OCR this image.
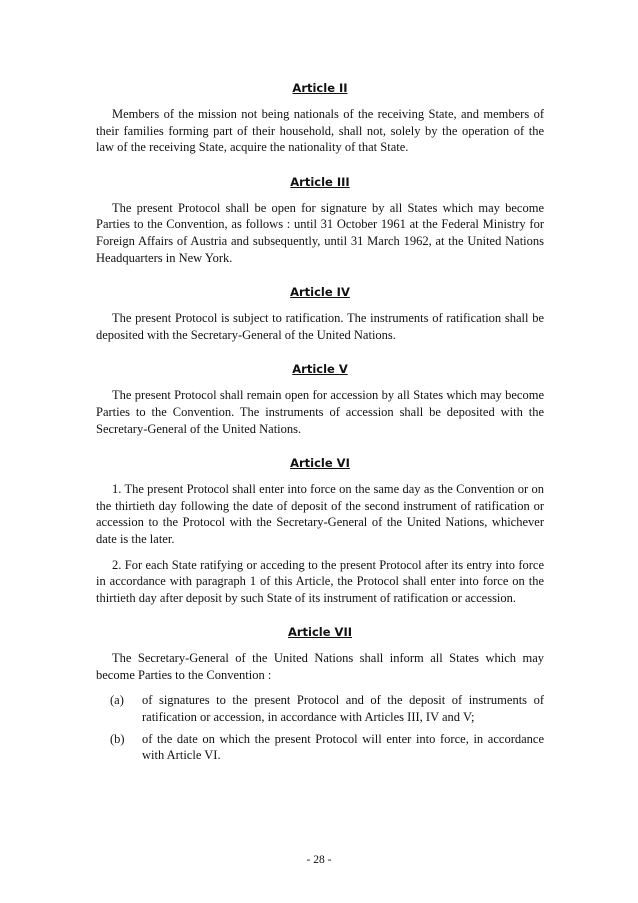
Article II

Members of the mission not being nationals of the receiving State, and members of their families forming part of their household, shall not, solely by the operation of the law of the receiving State, acquire the nationality of that State.

Article III

The present Protocol shall be open for signature by all States which may become Parties to the Convention, as follows : until 31 October 1961 at the Federal Ministry for Foreign Affairs of Austria and subsequently, until 31 March 1962, at the United Nations Headquarters in New York.

Article IV

The present Protocol is subject to ratification. The instruments of ratification shall be deposited with the Secretary-General of the United Nations.

Article V

The present Protocol shall remain open for accession by all States which may become Parties to the Convention. The instruments of accession shall be deposited with the Secretary-General of the United Nations.

Article VI

1. The present Protocol shall enter into force on the same day as the Convention or on the thirtieth day following the date of deposit of the second instrument of ratification or accession to the Protocol with the Secretary-General of the United Nations, whichever date is the later.

2. For each State ratifying or acceding to the present Protocol after its entry into force in accordance with paragraph 1 of this Article, the Protocol shall enter into force on the thirtieth day after deposit by such State of its instrument of ratification or accession.

Article VII

The Secretary-General of the United Nations shall inform all States which may become Parties to the Convention :

(a)	of signatures to the present Protocol and of the deposit of instruments of ratification or accession, in accordance with Articles III, IV and V;
(b)	of the date on which the present Protocol will enter into force, in accordance with Article VI.
- 28 -
